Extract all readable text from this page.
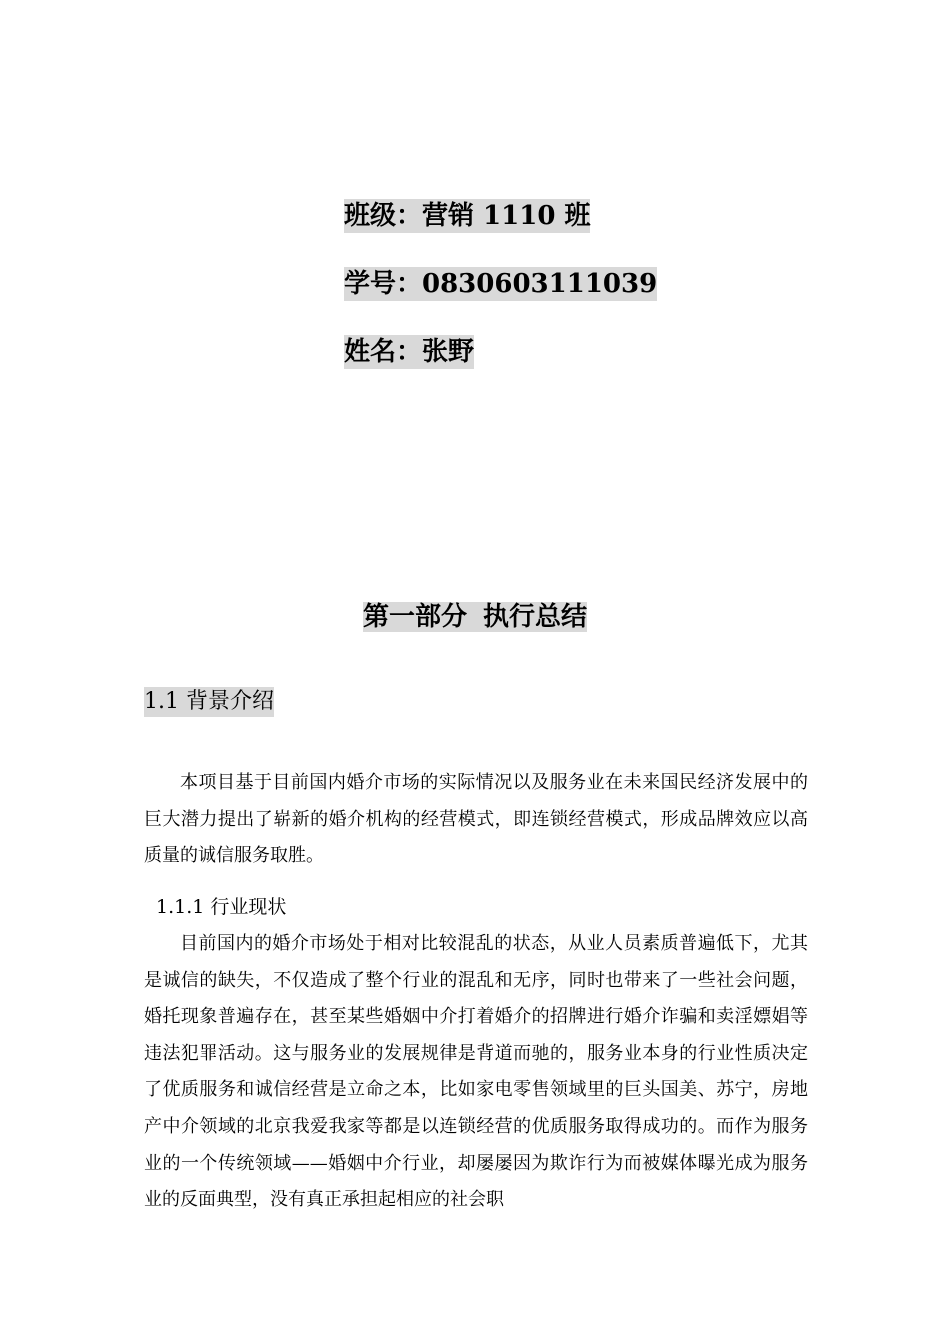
班级：营销 1110 班
学号：0830603111039
姓名：张野
第一部分 执行总结
1.1 背景介绍

本项目基于目前国内婚介市场的实际情况以及服务业在未来国民经济发展中的巨大潜力提出了崭新的婚介机构的经营模式，即连锁经营模式，形成品牌效应以高质量的诚信服务取胜。

1.1.1 行业现状

目前国内的婚介市场处于相对比较混乱的状态，从业人员素质普遍低下，尤其是诚信的缺失，不仅造成了整个行业的混乱和无序，同时也带来了一些社会问题，婚托现象普遍存在，甚至某些婚姻中介打着婚介的招牌进行婚介诈骗和卖淫嫖娼等违法犯罪活动。这与服务业的发展规律是背道而驰的，服务业本身的行业性质决定了优质服务和诚信经营是立命之本，比如家电零售领域里的巨头国美、苏宁，房地产中介领域的北京我爱我家等都是以连锁经营的优质服务取得成功的。而作为服务业的一个传统领域——婚姻中介行业，却屡屡因为欺诈行为而被媒体曝光成为服务业的反面典型，没有真正承担起相应的社会职
